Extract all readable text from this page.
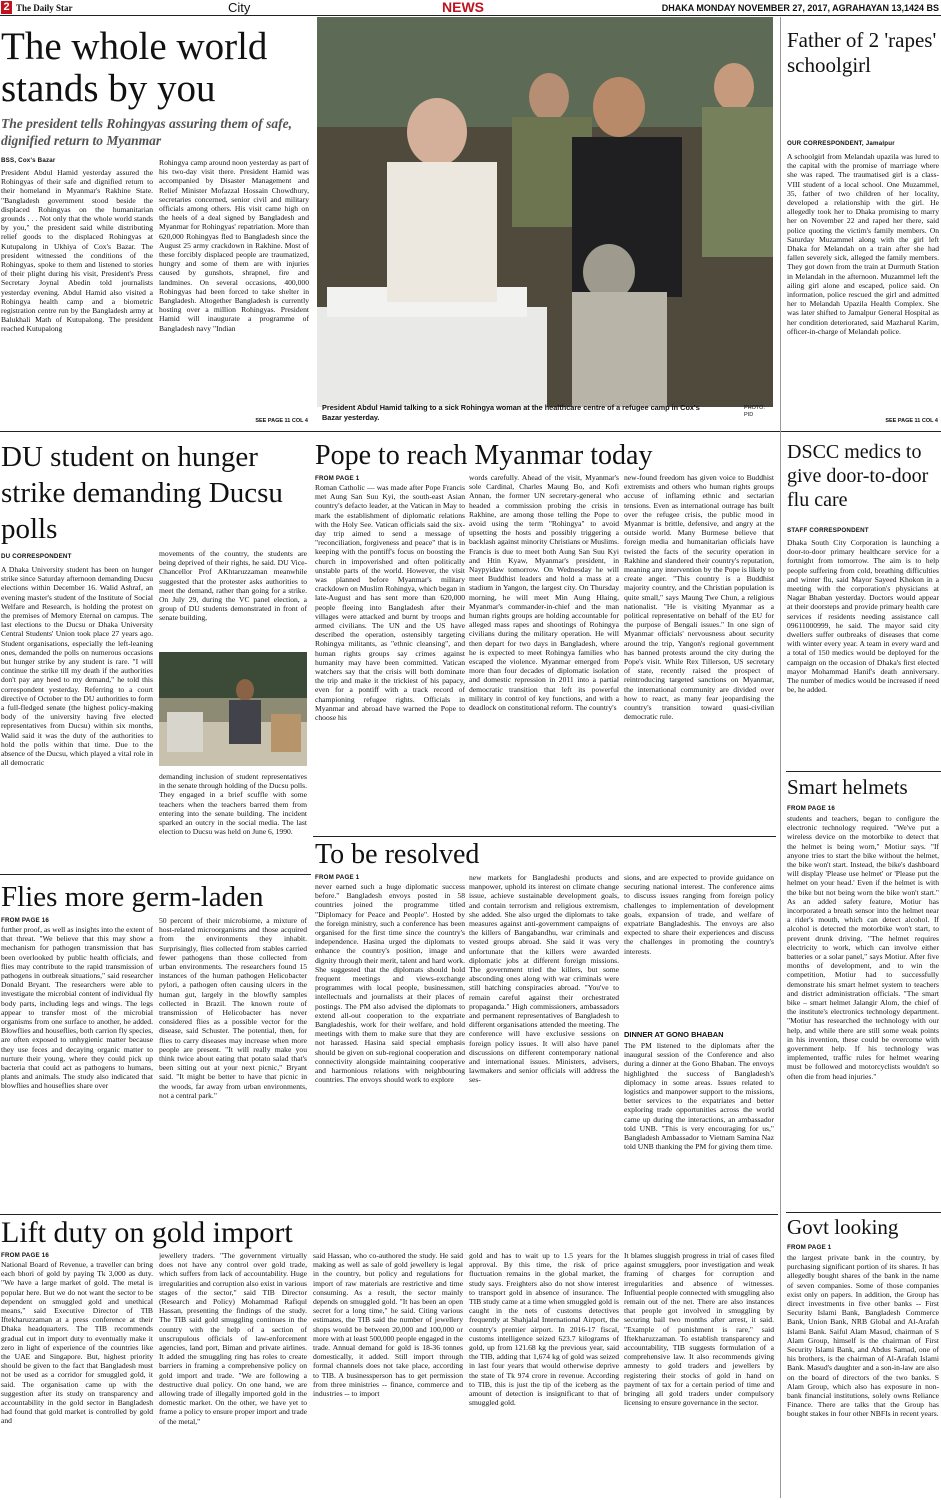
2 The Daily Star	City	NEWS	DHAKA MONDAY NOVEMBER 27, 2017, AGRAHAYAN 13,1424 BS
The whole world stands by you
The president tells Rohingyas assuring them of safe, dignified return to Myanmar
BSS, Cox's Bazar
President Abdul Hamid yesterday assured the Rohingyas of their safe and dignified return to their homeland in Myanmar's Rakhine State. "Bangladesh government stood beside the displaced Rohingyas on the humanitarian grounds . . . Not only that the whole world stands by you," the president said while distributing relief goods to the displaced Rohingyas at Kutupalong in Ukhiya of Cox's Bazar. The president witnessed the conditions of the Rohingyas, spoke to them and listened to stories of their plight during his visit, President's Press Secretary Joynal Abedin told journalists yesterday evening. Abdul Hamid also visited a Rohingya health camp and a biometric registration centre run by the Bangladesh army at Balukhali Math of Kutupalong. The president reached Kutupalong
Rohingya camp around noon yesterday as part of his two-day visit there. President Hamid was accompanied by Disaster Management and Relief Minister Mofazzal Hossain Chowdhury, secretaries concerned, senior civil and military officials among others. His visit came high on the heels of a deal signed by Bangladesh and Myanmar for Rohingyas' repatriation. More than 620,000 Rohingyas fled to Bangladesh since the August 25 army crackdown in Rakhine. Most of these forcibly displaced people are traumatized, hungry and some of them are with injuries caused by gunshots, shrapnel, fire and landmines. On several occasions, 400,000 Rohingyas had been forced to take shelter in Bangladesh. Altogether Bangladesh is currently hosting over a million Rohingyas. President Hamid will inaugurate a programme of Bangladesh navy "Indian
SEE PAGE 11 COL 4
President Abdul Hamid talking to a sick Rohingya woman at the healthcare centre of a refugee camp in Cox's Bazar yesterday.
PHOTO: PID
Father of 2 'rapes' schoolgirl
OUR CORRESPONDENT, Jamalpur
A schoolgirl from Melandah upazila was lured to the capital with the promise of marriage where she was raped. The traumatised girl is a class-VIII student of a local school. One Muzammel, 35, father of two children of her locality, developed a relationship with the girl. He allegedly took her to Dhaka promising to marry her on November 22 and raped her there, said police quoting the victim's family members. On Saturday Muzammel along with the girl left Dhaka for Melandah on a train after she had fallen severely sick, alleged the family members. They got down from the train at Durmuth Station in Melandah in the afternoon. Muzammel left the ailing girl alone and escaped, police said. On information, police rescued the girl and admitted her to Melandah Upazila Health Complex. She was later shifted to Jamalpur General Hospital as her condition deteriorated, said Mazharul Karim, officer-in-charge of Melandah police.
SEE PAGE 11 COL 4
DU student on hunger strike demanding Ducsu polls
DU CORRESPONDENT
A Dhaka University student has been on hunger strike since Saturday afternoon demanding Ducsu elections within December 16. Walid Ashraf, an evening master's student of the Institute of Social Welfare and Research, is holding the protest on the premises of Memory Eternal on campus. The last elections to the Ducsu or Dhaka University Central Students' Union took place 27 years ago. Student organisations, especially the left-leaning ones, demanded the polls on numerous occasions but hunger strike by any student is rare. "I will continue the strike till my death if the authorities don't pay any heed to my demand," he told this correspondent yesterday. Referring to a court directive of October to the DU authorities to form a full-fledged senate (the highest policy-making body of the university having five elected representatives from Ducsu) within six months, Walid said it was the duty of the authorities to hold the polls within that time. Due to the absence of the Ducsu, which played a vital role in all democratic
movements of the country, the students are being deprived of their rights, he said. DU Vice-Chancellor Prof AKhtaruzzaman meanwhile suggested that the protester asks authorities to meet the demand, rather than going for a strike. On July 29, during the VC panel election, a group of DU students demonstrated in front of senate building,
demanding inclusion of student representatives in the senate through holding of the Ducsu polls. They engaged in a brief scuffle with some teachers when the teachers barred them from entering into the senate building. The incident sparked an outcry in the social media. The last election to Ducsu was held on June 6, 1990.
Pope to reach Myanmar today
FROM PAGE 1
Roman Catholic — was made after Pope Francis met Aung San Suu Kyi, the south-east Asian country's defacto leader, at the Vatican in May to mark the establishment of diplomatic relations with the Holy See. Vatican officials said the six-day trip aimed to send a message of "reconciliation, forgiveness and peace" that is in keeping with the pontiff's focus on boosting the church in impoverished and often politically unstable parts of the world. However, the visit was planned before Myanmar's military crackdown on Muslim Rohingya, which began in late-August and has sent more than 620,000 people fleeing into Bangladesh after their villages were attacked and burnt by troops and armed civilians. The UN and the US have described the operation, ostensibly targeting Rohingya militants, as "ethnic cleansing", and human rights groups say crimes against humanity may have been committed. Vatican watchers say that the crisis will both dominate the trip and make it the trickiest of his papacy, even for a pontiff with a track record of championing refugee rights. Officials in Myanmar and abroad have warned the Pope to choose his
words carefully. Ahead of the visit, Myanmar's sole Cardinal, Charles Maung Bo, and Kofi Annan, the former UN secretary-general who headed a commission probing the crisis in Rakhine, are among those telling the Pope to avoid using the term "Rohingya" to avoid upsetting the hosts and possibly triggering a backlash against minority Christians or Muslims. Francis is due to meet both Aung San Suu Kyi and Htin Kyaw, Myanmar's president, in Naypyidaw tomorrow. On Wednesday he will meet Buddhist leaders and hold a mass at a stadium in Yangon, the largest city. On Thursday morning, he will meet Min Aung Hlaing, Myanmar's commander-in-chief and the man human rights groups are holding accountable for alleged mass rapes and shootings of Rohingya civilians during the military operation. He will then depart for two days in Bangladesh, where he is expected to meet Rohingya families who escaped the violence. Myanmar emerged from more than four decades of diplomatic isolation and domestic repression in 2011 into a partial democratic transition that left its powerful military in control of key functions, and with a deadlock on constitutional reform. The country's
new-found freedom has given voice to Buddhist extremists and others who human rights groups accuse of inflaming ethnic and sectarian tensions. Even as international outrage has built over the refugee crisis, the public mood in Myanmar is brittle, defensive, and angry at the outside world. Many Burmese believe that foreign media and humanitarian officials have twisted the facts of the security operation in Rakhine and slandered their country's reputation, meaning any intervention by the Pope is likely to create anger. "This country is a Buddhist majority country, and the Christian population is quite small," says Maung Twe Chun, a religious nationalist. "He is visiting Myanmar as a political representative on behalf of the EU for the purpose of Bengali issues." In one sign of Myanmar officials' nervousness about security around the trip, Yangon's regional government has banned protests around the city during the Pope's visit. While Rex Tillerson, US secretary of state, recently raised the prospect of reintroducing targeted sanctions on Myanmar, the international community are divided over how to react, as many fear jeopardising the country's transition toward quasi-civilian democratic rule.
DSCC medics to give door-to-door flu care
STAFF CORRESPONDENT
Dhaka South City Corporation is launching a door-to-door primary healthcare service for a fortnight from tomorrow. The aim is to help people suffering from cold, breathing difficulties and winter flu, said Mayor Sayeed Khokon in a meeting with the corporation's physicians at Nagar Bhaban yesterday. Doctors would appear at their doorsteps and provide primary health care services if residents needing assistance call 09611000999, he said. The mayor said city dwellers suffer outbreaks of diseases that come with winter every year. A team in every ward and a total of 150 medics would be deployed for the campaign on the occasion of Dhaka's first elected mayor Mohammad Hanif's death anniversary. The number of medics would be increased if need be, he added.
Smart helmets
FROM PAGE 16
students and teachers, began to configure the electronic technology required. "We've put a wireless device on the motorbike to detect that the helmet is being worn," Motiur says. "If anyone tries to start the bike without the helmet, the bike won't start. Instead, the bike's dashboard will display 'Please use helmet' or 'Please put the helmet on your head.' Even if the helmet is with the bike but not being worn the bike won't start." As an added safety feature, Motiur has incorporated a breath sensor into the helmet near a rider's mouth, which can detect alcohol. If alcohol is detected the motorbike won't start, to prevent drunk driving. "The helmet requires electricity to work, which can involve either batteries or a solar panel," says Motiur. After five months of development, and to win the competition, Motiur had to successfully demonstrate his smart helmet system to teachers and district administration officials. "The smart bike – smart helmet Jalangir Alom, the chief of the institute's electronics technology department. "Motiur has researched the technology with our help, and while there are still some weak points in his invention, these could be overcome with government help. If his technology was implemented, traffic rules for helmet wearing must be followed and motorcyclists wouldn't so often die from head injuries."
To be resolved
FROM PAGE 1
never earned such a huge diplomatic success before." Bangladesh envoys posted in 58 countries joined the programme titled "Diplomacy for Peace and People". Hosted by the foreign ministry, such a conference has been organised for the first time since the country's independence. Hasina urged the diplomats to enhance the country's position, image and dignity through their merit, talent and hard work. She suggested that the diplomats should hold frequent meetings and views-exchange programmes with local people, businessmen, intellectuals and journalists at their places of postings. The PM also advised the diplomats to extend all-out cooperation to the expatriate Bangladeshis, work for their welfare, and hold meetings with them to make sure that they are not harassed. Hasina said special emphasis should be given on sub-regional cooperation and connectivity alongside maintaining cooperative and harmonious relations with neighbouring countries. The envoys should work to explore
new markets for Bangladeshi products and manpower, uphold its interest on climate change issue, achieve sustainable development goals, and contain terrorism and religious extremism, she added. She also urged the diplomats to take measures against anti-government campaigns of the killers of Bangabandhu, war criminals and vested groups abroad. She said it was very unfortunate that the killers were awarded diplomatic jobs at different foreign missions. The government tried the killers, but some absconding ones along with war criminals were still hatching conspiracies abroad. "You've to remain careful against their orchestrated propaganda." High commissioners, ambassadors and permanent representatives of Bangladesh to different organisations attended the meeting. The conference will have exclusive sessions on foreign policy issues. It will also have panel discussions on different contemporary national and international issues. Ministers, advisers, lawmakers and senior officials will address the ses-
sions, and are expected to provide guidance on securing national interest. The conference aims to discuss issues ranging from foreign policy challenges to implementation of development goals, expansion of trade, and welfare of expatriate Bangladeshis. The envoys are also expected to share their experiences and discuss the challenges in promoting the country's interests.
DINNER AT GONO BHABAN
The PM listened to the diplomats after the inaugural session of the Conference and also during a dinner at the Gono Bhaban. The envoys highlighted the success of Bangladesh's diplomacy in some areas. Issues related to logistics and manpower support to the missions, better services to the expatriates and better exploring trade opportunities across the world came up during the interactions, an ambassador told UNB. "This is very encouraging for us," Bangladesh Ambassador to Vietnam Samina Naz told UNB thanking the PM for giving them time.
Flies more germ-laden
FROM PAGE 16
further proof, as well as insights into the extent of that threat. "We believe that this may show a mechanism for pathogen transmission that has been overlooked by public health officials, and flies may contribute to the rapid transmission of pathogens in outbreak situations," said researcher Donald Bryant. The researchers were able to investigate the microbial content of individual fly body parts, including legs and wings. The legs appear to transfer most of the microbial organisms from one surface to another, he added. Blowflies and houseflies, both carrion fly species, are often exposed to unhygienic matter because they use feces and decaying organic matter to nurture their young, where they could pick up bacteria that could act as pathogens to humans, plants and animals. The study also indicated that blowflies and houseflies share over
50 percent of their microbiome, a mixture of host-related microorganisms and those acquired from the environments they inhabit. Surprisingly, flies collected from stables carried fewer pathogens than those collected from urban environments. The researchers found 15 instances of the human pathogen Helicobacter pylori, a pathogen often causing ulcers in the human gut, largely in the blowfly samples collected in Brazil. The known route of transmission of Helicobacter has never considered flies as a possible vector for the disease, said Schuster. The potential, then, for flies to carry diseases may increase when more people are present. "It will really make you think twice about eating that potato salad that's been sitting out at your next picnic," Bryant said. "It might be better to have that picnic in the woods, far away from urban environments, not a central park."
Lift duty on gold import
FROM PAGE 16
National Board of Revenue, a traveller can bring each bhori of gold by paying Tk 3,000 as duty. "We have a large market of gold. The metal is popular here. But we do not want the sector to be dependent on smuggled gold and unethical means," said Executive Director of TIB Iftekharuzzaman at a press conference at their Dhaka headquarters. The TIB recommends gradual cut in import duty to eventually make it zero in light of experience of the countries like the UAE and Singapore. But, highest priority should be given to the fact that Bangladesh must not be used as a corridor for smuggled gold, it said. The organisation came up with the suggestion after its study on transparency and accountability in the gold sector in Bangladesh had found that gold market is controlled by gold and
jewellery traders. "The government virtually does not have any control over gold trade, which suffers from lack of accountability. Huge irregularities and corruption also exist in various stages of the sector," said TIB Director (Research and Policy) Mohammad Rafiqul Hassan, presenting the findings of the study. The TIB said gold smuggling continues in the country with the help of a section of unscrupulous officials of law-enforcement agencies, land port, Biman and private airlines. It added the smuggling ring has roles to create barriers in framing a comprehensive policy on gold import and trade. "We are following a destructive dual policy. On one hand, we are allowing trade of illegally imported gold in the domestic market. On the other, we have yet to frame a policy to ensure proper import and trade of the metal,"
said Hassan, who co-authored the study. He said making as well as sale of gold jewellery is legal in the country, but policy and regulations for import of raw materials are restrictive and time consuming. As a result, the sector mainly depends on smuggled gold. "It has been an open secret for a long time," he said. Citing various estimates, the TIB said the number of jewellery shops would be between 20,000 and 100,000 or more with at least 500,000 people engaged in the trade. Annual demand for gold is 18-36 tonnes domestically, it added. Still import through formal channels does not take place, according to TIB. A businessperson has to get permission from three ministries -- finance, commerce and industries -- to import
gold and has to wait up to 1.5 years for the approval. By this time, the risk of price fluctuation remains in the global market, the study says. Freighters also do not show interest to transport gold in absence of insurance. The TIB study came at a time when smuggled gold is caught in the nets of customs detectives frequently at Shahjalal International Airport, the country's premier airport. In 2016-17 fiscal, customs intelligence seized 623.7 kilograms of gold, up from 121.68 kg the previous year, said the TIB, adding that 1,674 kg of gold was seized in last four years that would otherwise deprive the state of Tk 974 crore in revenue. According to TIB, this is just the tip of the iceberg as the amount of detection is insignificant to that of smuggled gold.
It blames sluggish progress in trial of cases filed against smugglers, poor investigation and weak framing of charges for corruption and irregularities and absence of witnesses. Influential people connected with smuggling also remain out of the net. There are also instances that people got involved in smuggling by securing bail two months after arrest, it said. "Example of punishment is rare," said Iftekharuzzaman. To establish transparency and accountability, TIB suggests formulation of a comprehensive law. It also recommends giving amnesty to gold traders and jewellers by registering their stocks of gold in hand on payment of tax for a certain period of time and bringing all gold traders under compulsory licensing to ensure governance in the sector.
Govt looking
FROM PAGE 1
the largest private bank in the country, by purchasing significant portion of its shares. It has allegedly bought shares of the bank in the name of seven companies. Some of those companies exist only on papers. In addition, the Group has direct investments in five other banks -- First Security Islami Bank, Bangladesh Commerce Bank, Union Bank, NRB Global and Al-Arafah Islami Bank. Saiful Alam Masud, chairman of S Alam Group, himself is the chairman of First Security Islami Bank, and Abdus Samad, one of his brothers, is the chairman of Al-Arafah Islami Bank. Masud's daughter and a son-in-law are also on the board of directors of the two banks. S Alam Group, which also has exposure in non-bank financial institutions, solely owns Reliance Finance. There are talks that the Group has bought stakes in four other NBFIs in recent years.
